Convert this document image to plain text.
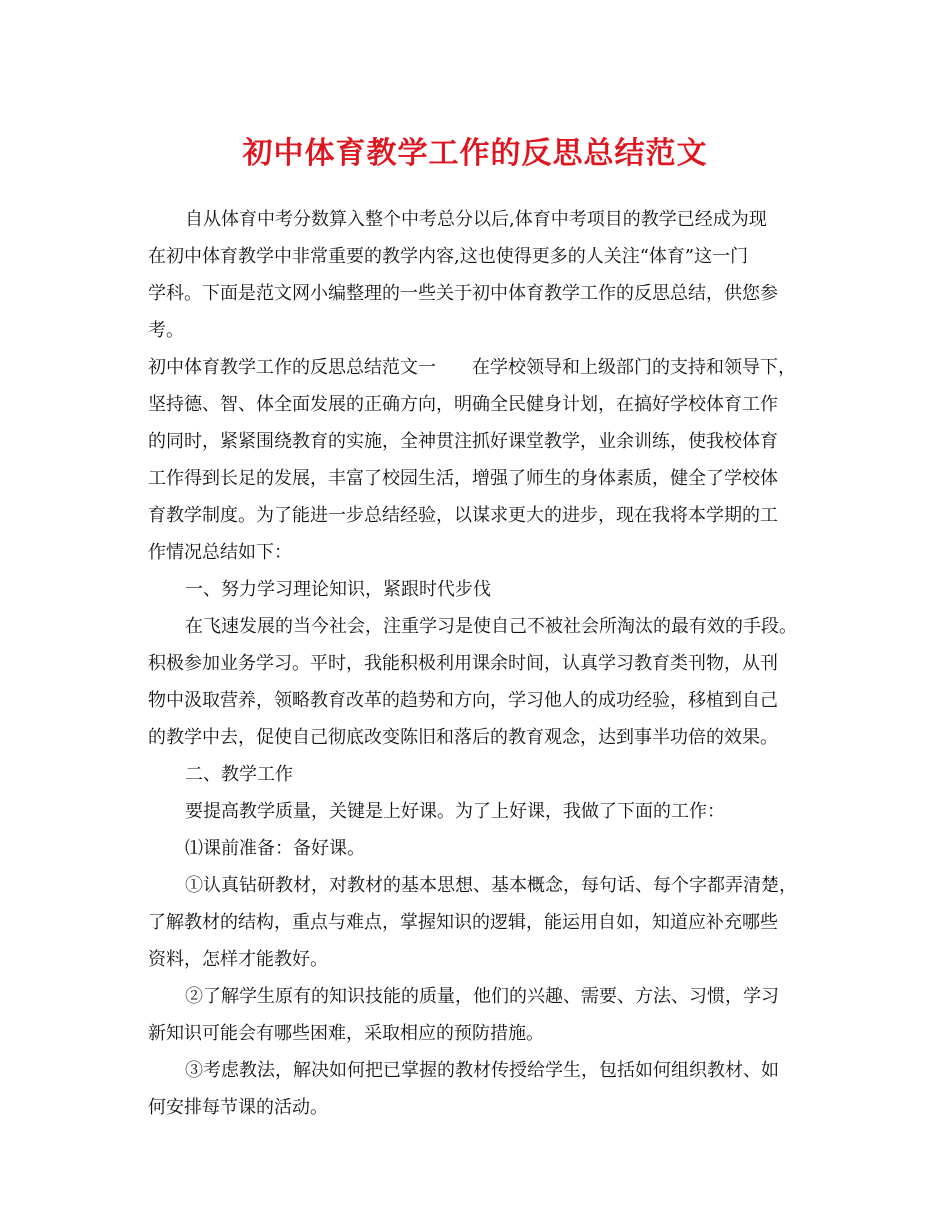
初中体育教学工作的反思总结范文
自从体育中考分数算入整个中考总分以后,体育中考项目的教学已经成为现
在初中体育教学中非常重要的教学内容,这也使得更多的人关注“体育”这一门
学科。下面是范文网小编整理的一些关于初中体育教学工作的反思总结，供您参
考。
初中体育教学工作的反思总结范文一　　在学校领导和上级部门的支持和领导下，
坚持德、智、体全面发展的正确方向，明确全民健身计划，在搞好学校体育工作
的同时，紧紧围绕教育的实施，全神贯注抓好课堂教学，业余训练，使我校体育
工作得到长足的发展，丰富了校园生活，增强了师生的身体素质，健全了学校体
育教学制度。为了能进一步总结经验，以谋求更大的进步，现在我将本学期的工
作情况总结如下：
一、努力学习理论知识，紧跟时代步伐
在飞速发展的当今社会，注重学习是使自己不被社会所淘汰的最有效的手段。
积极参加业务学习。平时，我能积极利用课余时间，认真学习教育类刊物，从刊
物中汲取营养，领略教育改革的趋势和方向，学习他人的成功经验，移植到自己
的教学中去，促使自己彻底改变陈旧和落后的教育观念，达到事半功倍的效果。
二、教学工作
要提高教学质量，关键是上好课。为了上好课，我做了下面的工作：
⑴课前准备：备好课。
①认真钻研教材，对教材的基本思想、基本概念，每句话、每个字都弄清楚，
了解教材的结构，重点与难点，掌握知识的逻辑，能运用自如，知道应补充哪些
资料，怎样才能教好。
②了解学生原有的知识技能的质量，他们的兴趣、需要、方法、习惯，学习
新知识可能会有哪些困难，采取相应的预防措施。
③考虑教法，解决如何把已掌握的教材传授给学生，包括如何组织教材、如
何安排每节课的活动。
